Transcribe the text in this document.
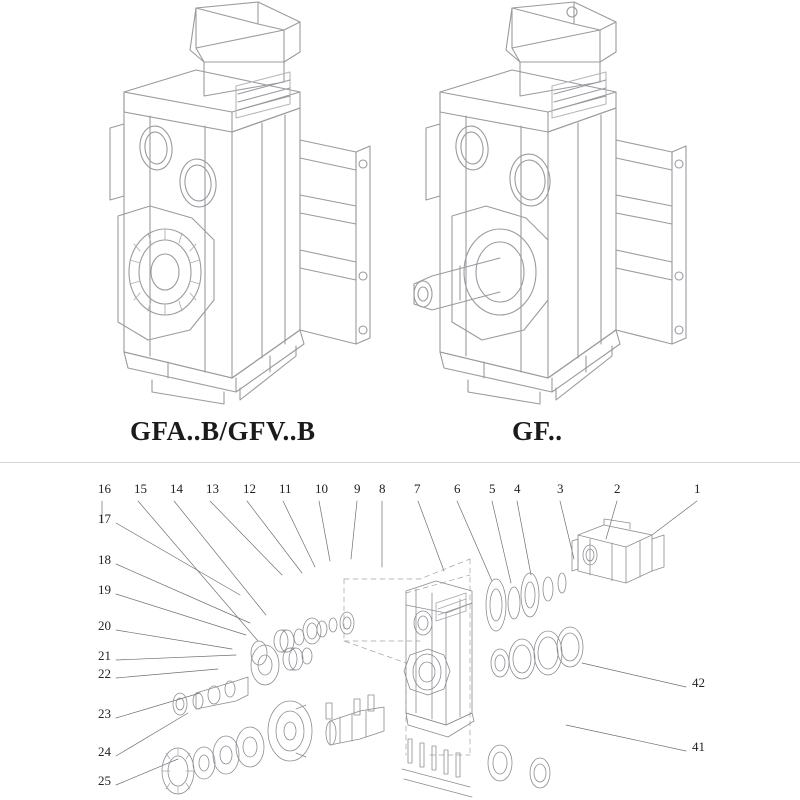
GFA..B/GFV..B	GF..
16 15 14 13 12 11 10 9 8 7	6 5 4	3	2	1
17
18
19
20
21
22
23
24
25
42
41
